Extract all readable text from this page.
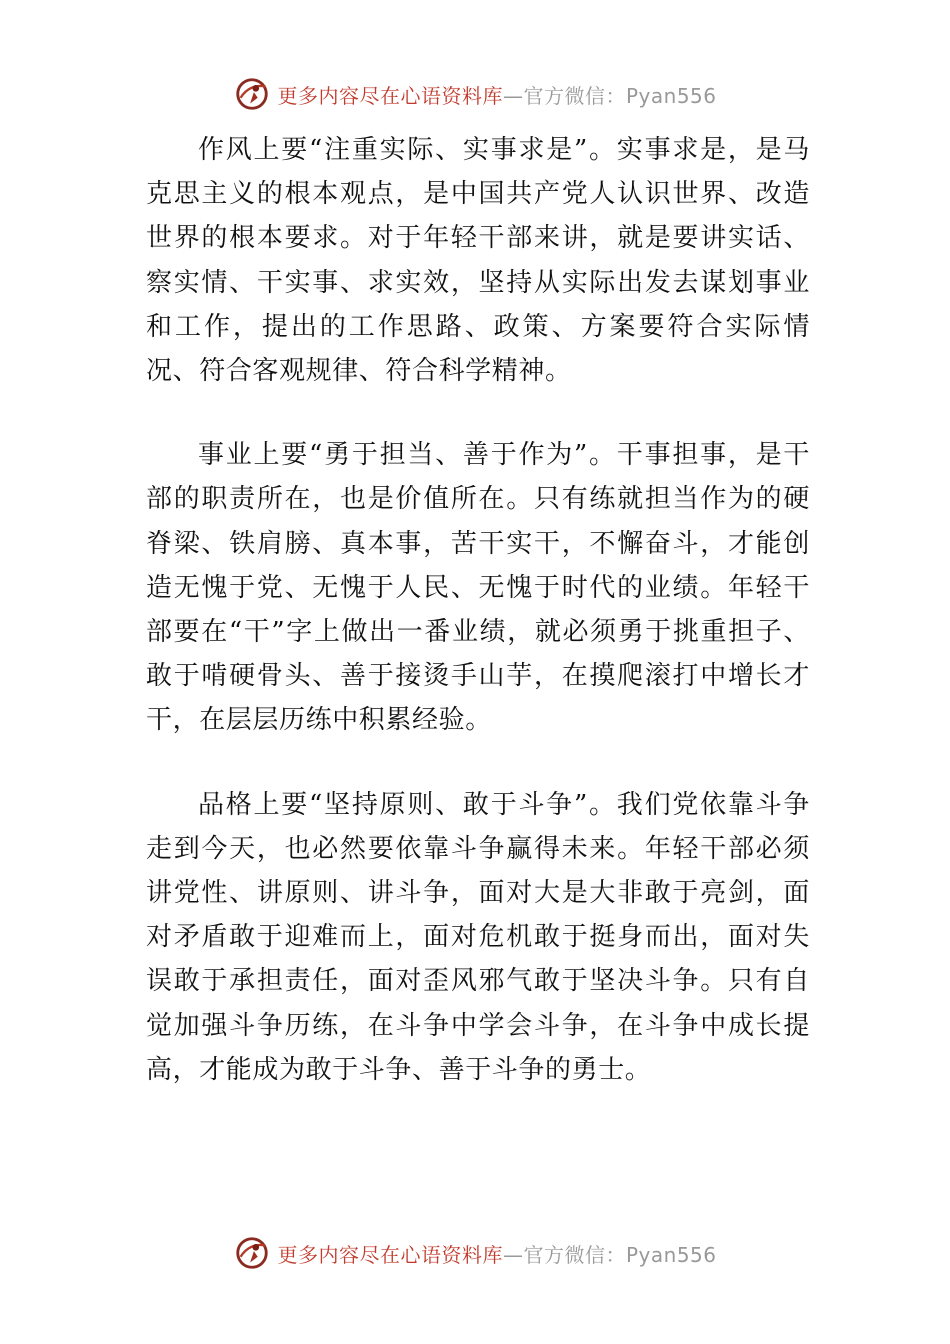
更多内容尽在心语资料库—官方微信：Pyan556

作风上要“注重实际、实事求是”。实事求是，是马克思主义的根本观点，是中国共产党人认识世界、改造世界的根本要求。对于年轻干部来讲，就是要讲实话、察实情、干实事、求实效，坚持从实际出发去谋划事业和工作，提出的工作思路、政策、方案要符合实际情况、符合客观规律、符合科学精神。

事业上要“勇于担当、善于作为”。干事担事，是干部的职责所在，也是价值所在。只有练就担当作为的硬脊梁、铁肩膀、真本事，苦干实干，不懈奋斗，才能创造无愧于党、无愧于人民、无愧于时代的业绩。年轻干部要在“干”字上做出一番业绩，就必须勇于挑重担子、敢于啃硬骨头、善于接烫手山芋，在摸爬滚打中增长才干，在层层历练中积累经验。

品格上要“坚持原则、敢于斗争”。我们党依靠斗争走到今天，也必然要依靠斗争赢得未来。年轻干部必须讲党性、讲原则、讲斗争，面对大是大非敢于亮剑，面对矛盾敢于迎难而上，面对危机敢于挺身而出，面对失误敢于承担责任，面对歪风邪气敢于坚决斗争。只有自觉加强斗争历练，在斗争中学会斗争，在斗争中成长提高，才能成为敢于斗争、善于斗争的勇士。

更多内容尽在心语资料库—官方微信：Pyan556
